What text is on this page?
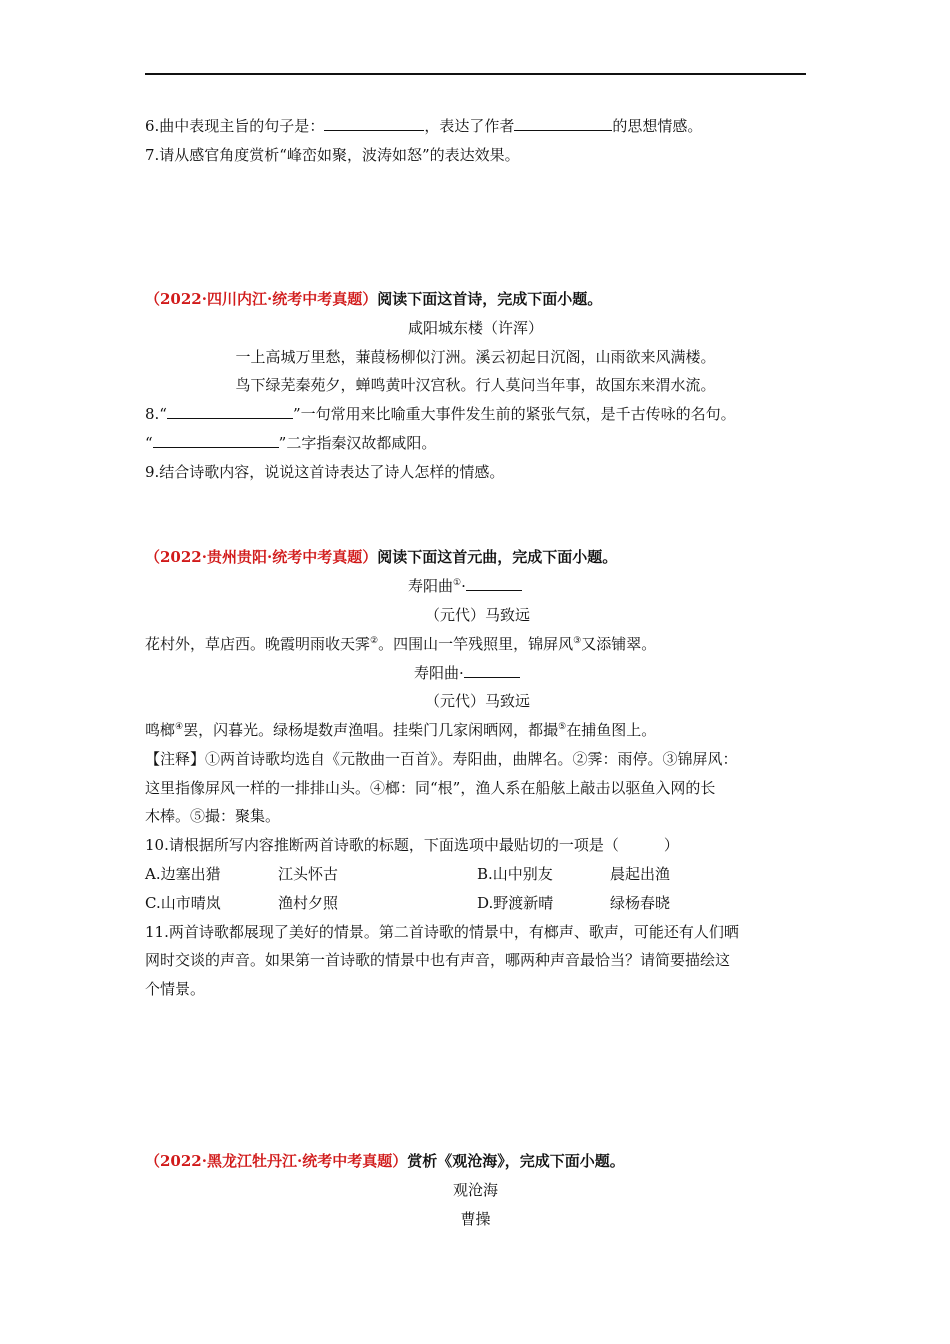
6.曲中表现主旨的句子是：	，表达了作者	的思想情感。
7.请从感官角度赏析“峰峦如聚，波涛如怒”的表达效果。
（2022·四川内江·统考中考真题）阅读下面这首诗，完成下面小题。
咸阳城东楼（许浑）
一上高城万里愁，蒹葭杨柳似汀洲。溪云初起日沉阁，山雨欲来风满楼。
鸟下绿芜秦苑夕，蝉鸣黄叶汉宫秋。行人莫问当年事，故国东来渭水流。
8.“	”一句常用来比喻重大事件发生前的紧张气氛，是千古传咏的名句。
“	”二字指秦汉故都咸阳。
9.结合诗歌内容，说说这首诗表达了诗人怎样的情感。
（2022·贵州贵阳·统考中考真题）阅读下面这首元曲，完成下面小题。
寿阳曲①·
（元代）马致远
花村外，草店西。晚霞明雨收天霁②。四围山一竿残照里，锦屏风③又添铺翠。
寿阳曲·
（元代）马致远
鸣榔④罢，闪暮光。绿杨堤数声渔唱。挂柴门几家闲晒网，都撮⑤在捕鱼图上。
【注释】①两首诗歌均选自《元散曲一百首》。寿阳曲，曲牌名。②霁：雨停。③锦屏风：
这里指像屏风一样的一排排山头。④榔：同“根”，渔人系在船舷上敲击以驱鱼入网的长
木棒。⑤撮：聚集。
10.请根据所写内容推断两首诗歌的标题，下面选项中最贴切的一项是（　　　）
A.边塞出猎	江头怀古	B.山中别友	晨起出渔
C.山市晴岚	渔村夕照	D.野渡新晴	绿杨春晓
11.两首诗歌都展现了美好的情景。第二首诗歌的情景中，有榔声、歌声，可能还有人们晒
网时交谈的声音。如果第一首诗歌的情景中也有声音，哪两种声音最恰当？请简要描绘这
个情景。
（2022·黑龙江牡丹江·统考中考真题）赏析《观沧海》，完成下面小题。
观沧海
曹操
